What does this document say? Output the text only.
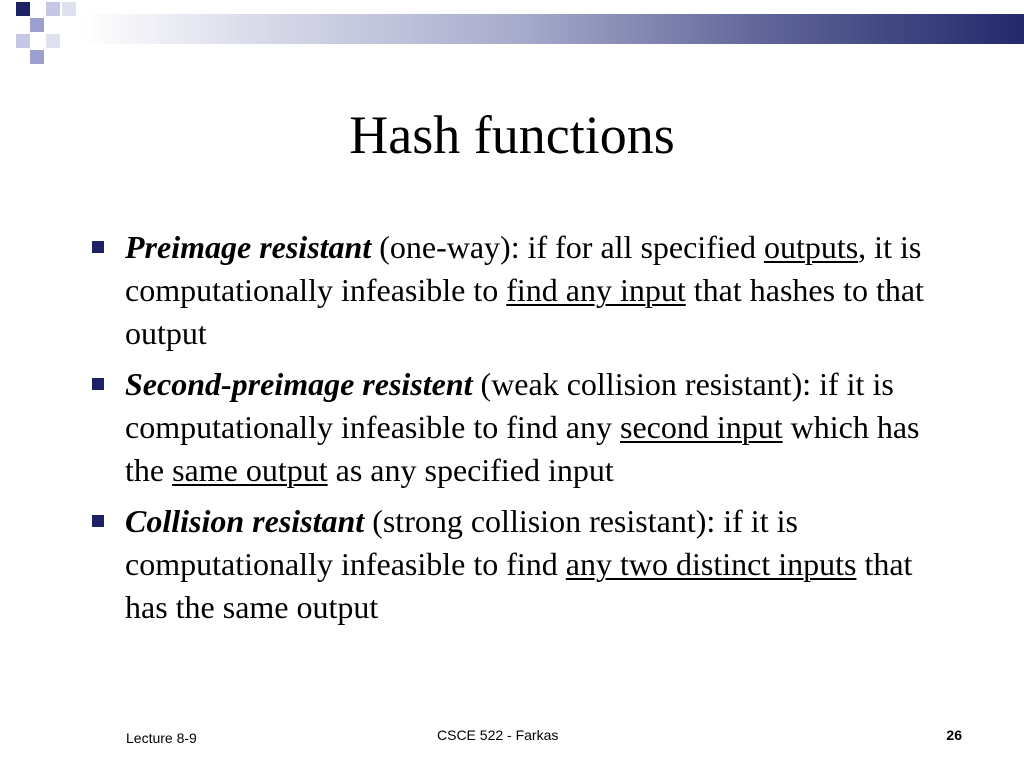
Hash functions
Preimage resistant (one-way): if for all specified outputs, it is computationally infeasible to find any input that hashes to that output
Second-preimage resistent (weak collision resistant): if it is computationally infeasible to find any second input which has the same output as any specified input
Collision resistant (strong collision resistant): if it is computationally infeasible to find any two distinct inputs that has the same output
Lecture 8-9	CSCE 522 - Farkas	26
